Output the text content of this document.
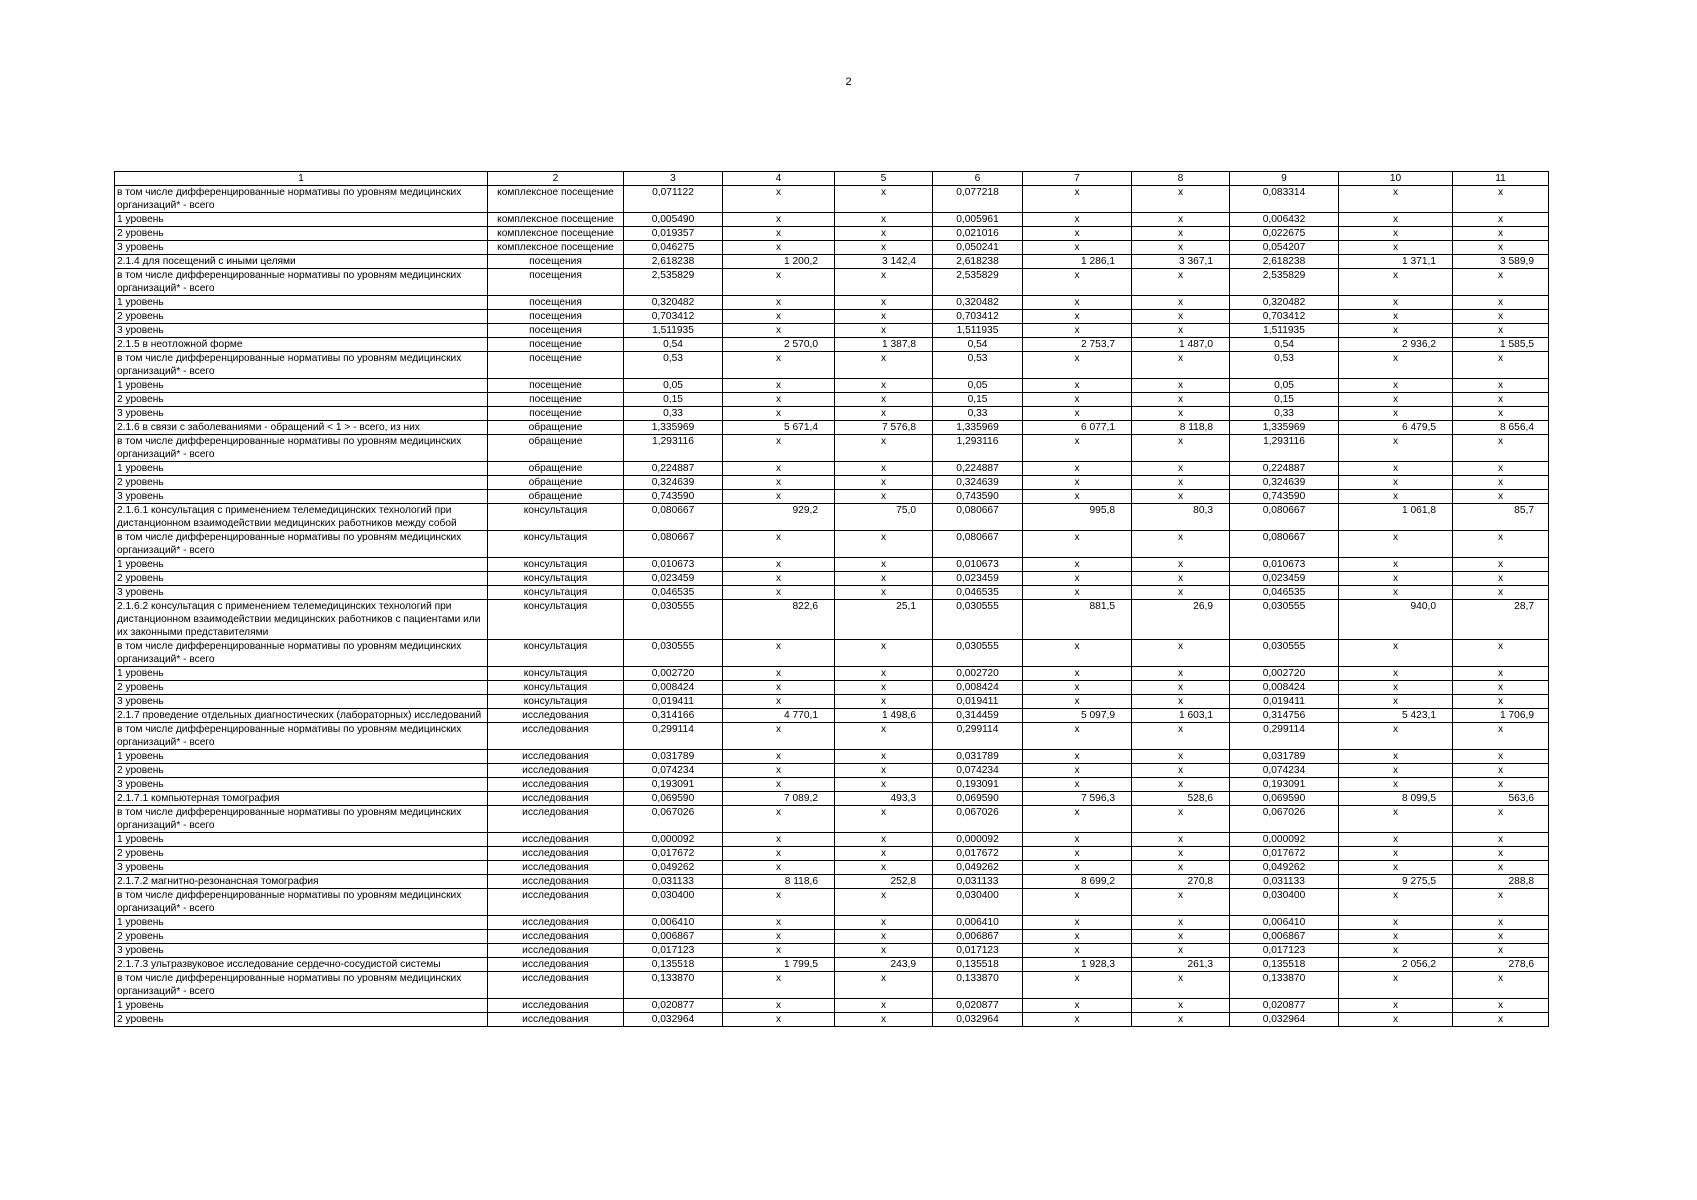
2
1	2	3	4	5	6	7	8	9	10	11
в том числе дифференцированные нормативы по уровням медицинских организаций* - всего	комплексное посещение	0,071122	х	х	0,077218	х	х	0,083314	х	х
1 уровень	комплексное посещение	0,005490	х	х	0,005961	х	х	0,006432	х	х
2 уровень	комплексное посещение	0,019357	х	х	0,021016	х	х	0,022675	х	х
3 уровень	комплексное посещение	0,046275	х	х	0,050241	х	х	0,054207	х	х
2.1.4 для посещений с иными целями	посещения	2,618238	1 200,2	3 142,4	2,618238	1 286,1	3 367,1	2,618238	1 371,1	3 589,9
в том числе дифференцированные нормативы по уровням медицинских организаций* - всего	посещения	2,535829	х	х	2,535829	х	х	2,535829	х	х
1 уровень	посещения	0,320482	х	х	0,320482	х	х	0,320482	х	х
2 уровень	посещения	0,703412	х	х	0,703412	х	х	0,703412	х	х
3 уровень	посещения	1,511935	х	х	1,511935	х	х	1,511935	х	х
2.1.5 в неотложной форме	посещение	0,54	2 570,0	1 387,8	0,54	2 753,7	1 487,0	0,54	2 936,2	1 585,5
в том числе дифференцированные нормативы по уровням медицинских организаций* - всего	посещение	0,53	х	х	0,53	х	х	0,53	х	х
1 уровень	посещение	0,05	х	х	0,05	х	х	0,05	х	х
2 уровень	посещение	0,15	х	х	0,15	х	х	0,15	х	х
3 уровень	посещение	0,33	х	х	0,33	х	х	0,33	х	х
2.1.6 в связи с заболеваниями - обращений < 1 > - всего, из них	обращение	1,335969	5 671,4	7 576,8	1,335969	6 077,1	8 118,8	1,335969	6 479,5	8 656,4
в том числе дифференцированные нормативы по уровням медицинских организаций* - всего	обращение	1,293116	х	х	1,293116	х	х	1,293116	х	х
1 уровень	обращение	0,224887	х	х	0,224887	х	х	0,224887	х	х
2 уровень	обращение	0,324639	х	х	0,324639	х	х	0,324639	х	х
3 уровень	обращение	0,743590	х	х	0,743590	х	х	0,743590	х	х
2.1.6.1 консультация с применением телемедицинских технологий при дистанционном взаимодействии медицинских работников между собой	консультация	0,080667	929,2	75,0	0,080667	995,8	80,3	0,080667	1 061,8	85,7
в том числе дифференцированные нормативы по уровням медицинских организаций* - всего	консультация	0,080667	х	х	0,080667	х	х	0,080667	х	х
1 уровень	консультация	0,010673	х	х	0,010673	х	х	0,010673	х	х
2 уровень	консультация	0,023459	х	х	0,023459	х	х	0,023459	х	х
3 уровень	консультация	0,046535	х	х	0,046535	х	х	0,046535	х	х
2.1.6.2 консультация с применением телемедицинских технологий при дистанционном взаимодействии медицинских работников с пациентами или их законными представителями	консультация	0,030555	822,6	25,1	0,030555	881,5	26,9	0,030555	940,0	28,7
в том числе дифференцированные нормативы по уровням медицинских организаций* - всего	консультация	0,030555	х	х	0,030555	х	х	0,030555	х	х
1 уровень	консультация	0,002720	х	х	0,002720	х	х	0,002720	х	х
2 уровень	консультация	0,008424	х	х	0,008424	х	х	0,008424	х	х
3 уровень	консультация	0,019411	х	х	0,019411	х	х	0,019411	х	х
2.1.7 проведение отдельных диагностических (лабораторных) исследований	исследования	0,314166	4 770,1	1 498,6	0,314459	5 097,9	1 603,1	0,314756	5 423,1	1 706,9
в том числе дифференцированные нормативы по уровням медицинских организаций* - всего	исследования	0,299114	х	х	0,299114	х	х	0,299114	х	х
1 уровень	исследования	0,031789	х	х	0,031789	х	х	0,031789	х	х
2 уровень	исследования	0,074234	х	х	0,074234	х	х	0,074234	х	х
3 уровень	исследования	0,193091	х	х	0,193091	х	х	0,193091	х	х
2.1.7.1 компьютерная томография	исследования	0,069590	7 089,2	493,3	0,069590	7 596,3	528,6	0,069590	8 099,5	563,6
в том числе дифференцированные нормативы по уровням медицинских организаций* - всего	исследования	0,067026	х	х	0,067026	х	х	0,067026	х	х
1 уровень	исследования	0,000092	х	х	0,000092	х	х	0,000092	х	х
2 уровень	исследования	0,017672	х	х	0,017672	х	х	0,017672	х	х
3 уровень	исследования	0,049262	х	х	0,049262	х	х	0,049262	х	х
2.1.7.2 магнитно-резонансная томография	исследования	0,031133	8 118,6	252,8	0,031133	8 699,2	270,8	0,031133	9 275,5	288,8
в том числе дифференцированные нормативы по уровням медицинских организаций* - всего	исследования	0,030400	х	х	0,030400	х	х	0,030400	х	х
1 уровень	исследования	0,006410	х	х	0,006410	х	х	0,006410	х	х
2 уровень	исследования	0,006867	х	х	0,006867	х	х	0,006867	х	х
3 уровень	исследования	0,017123	х	х	0,017123	х	х	0,017123	х	х
2.1.7.3 ультразвуковое исследование сердечно-сосудистой системы	исследования	0,135518	1 799,5	243,9	0,135518	1 928,3	261,3	0,135518	2 056,2	278,6
в том числе дифференцированные нормативы по уровням медицинских организаций* - всего	исследования	0,133870	х	х	0,133870	х	х	0,133870	х	х
1 уровень	исследования	0,020877	х	х	0,020877	х	х	0,020877	х	х
2 уровень	исследования	0,032964	х	х	0,032964	х	х	0,032964	х	х
